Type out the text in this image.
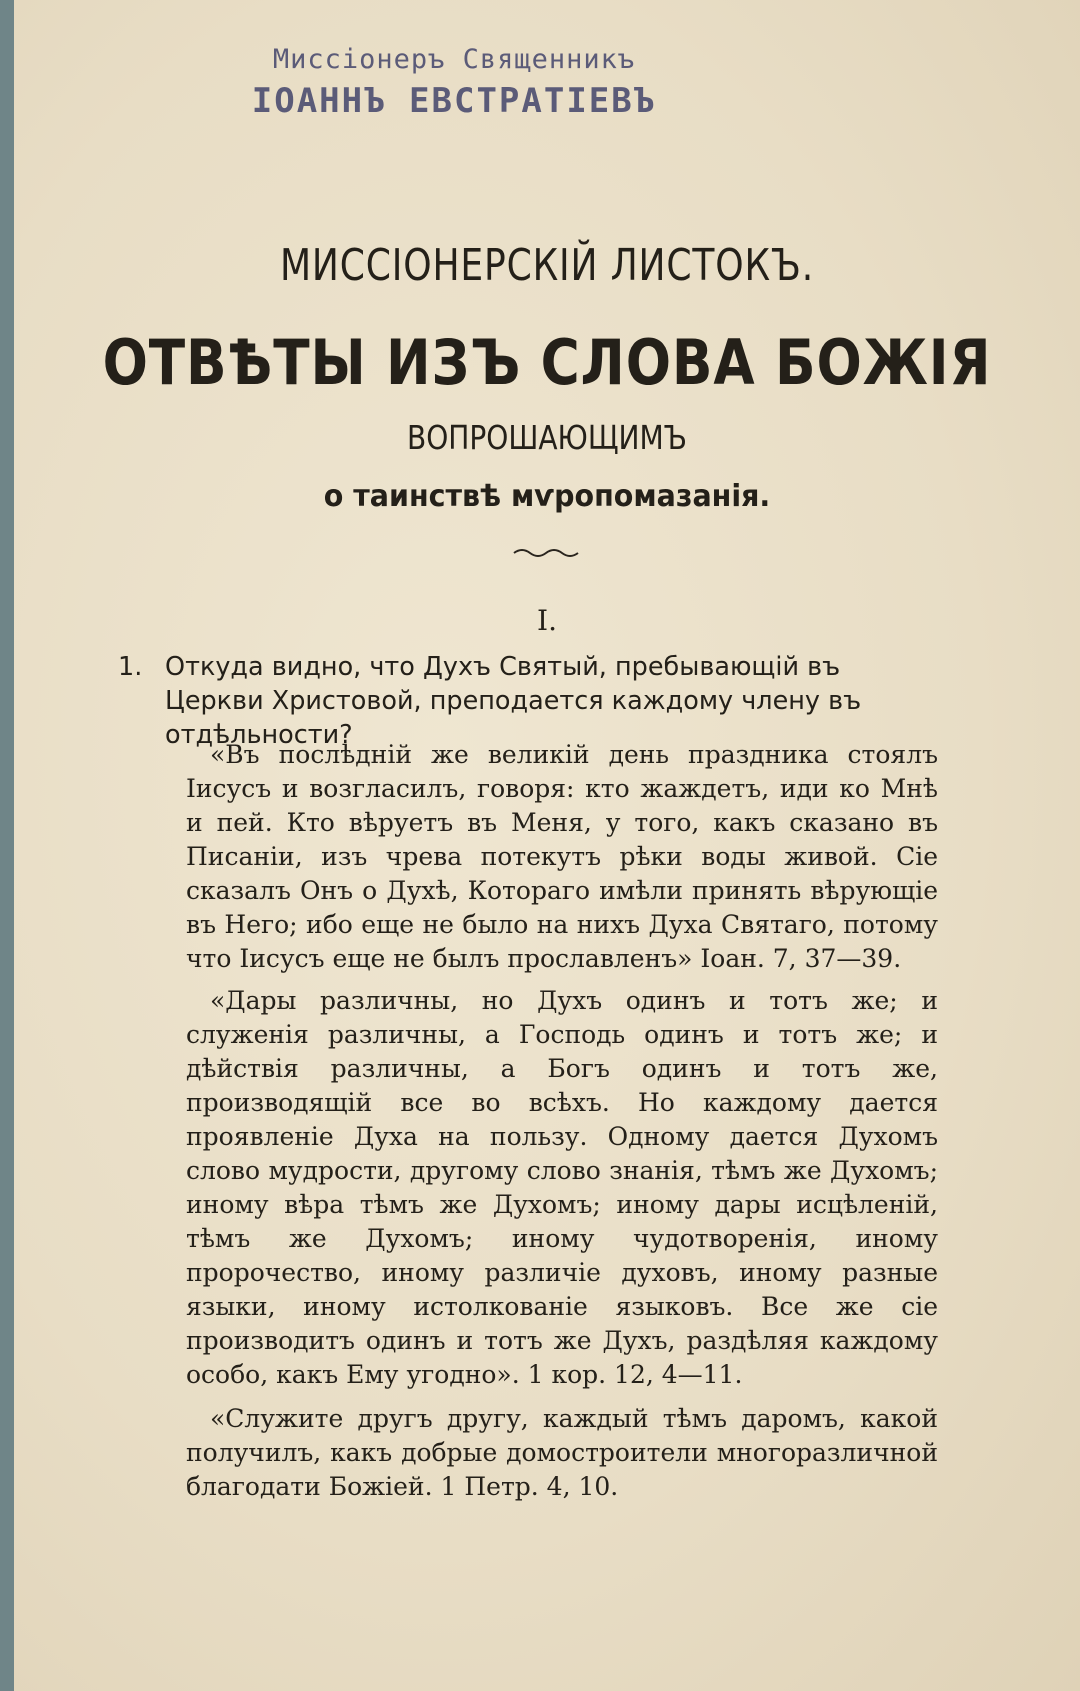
Миссiонеръ Священникъ
IОАННЪ ЕВСТРАТIЕВЪ
МИССIОНЕРСКIЙ ЛИСТОКЪ.
ОТВѢТЫ ИЗЪ СЛОВА БОЖIЯ
ВОПРОШАЮЩИМЪ
о таинствѣ мѵропомазанiя.
I.
1. Откуда видно, что Духъ Святый, пребывающiй въ Церкви Христовой, преподается каждому члену въ отдѣльности?

«Въ послѣднiй же великiй день праздника стоялъ Iисусъ и возгласилъ, говоря: кто жаждетъ, иди ко Мнѣ и пей. Кто вѣруетъ въ Меня, у того, какъ сказано въ Писанiи, изъ чрева потекутъ рѣки воды живой. Сiе сказалъ Онъ о Духѣ, Котораго имѣли принять вѣрующiе въ Него; ибо еще не было на нихъ Духа Святаго, потому что Iисусъ еще не былъ прославленъ» Iоан. 7, 37—39.

«Дары различны, но Духъ одинъ и тотъ же; и служенiя различны, а Господь одинъ и тотъ же; и дѣйствiя различны, а Богъ одинъ и тотъ же, производящiй все во всѣхъ. Но каждому дается проявленiе Духа на пользу. Одному дается Духомъ слово мудрости, другому слово знанiя, тѣмъ же Духомъ; иному вѣра тѣмъ же Духомъ; иному дары исцѣленiй, тѣмъ же Духомъ; иному чудотворенiя, иному пророчество, иному различiе духовъ, иному разные языки, иному истолкованiе языковъ. Все же сiе производитъ одинъ и тотъ же Духъ, раздѣляя каждому особо, какъ Ему угодно». 1 кор. 12, 4—11.

«Служите другъ другу, каждый тѣмъ даромъ, какой получилъ, какъ добрые домостроители многоразличной благодати Божiей. 1 Петр. 4, 10.
